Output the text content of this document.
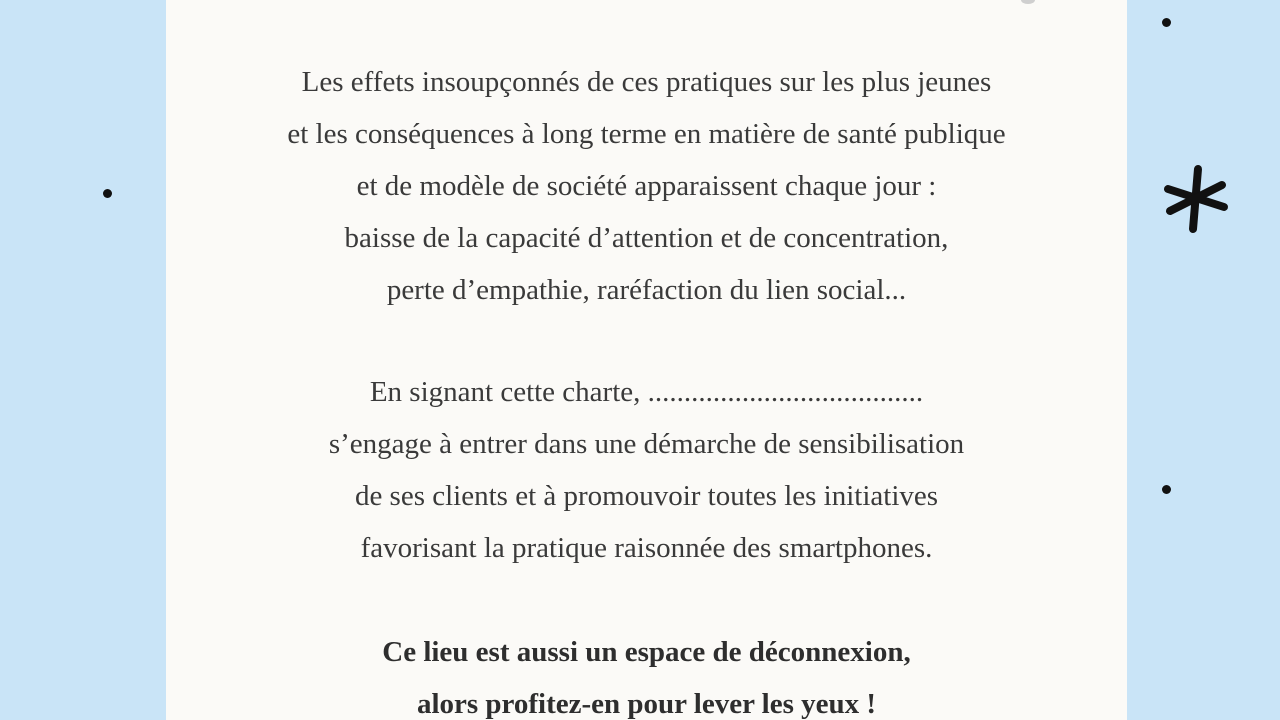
Les effets insoupçonnés de ces pratiques sur les plus jeunes
et les conséquences à long terme en matière de santé publique
et de modèle de société apparaissent chaque jour :
baisse de la capacité d’attention et de concentration,
perte d’empathie, raréfaction du lien social...
En signant cette charte, ......................................
s’engage à entrer dans une démarche de sensibilisation
de ses clients et à promouvoir toutes les initiatives
favorisant la pratique raisonnée des smartphones.
Ce lieu est aussi un espace de déconnexion,
alors profitez-en pour lever les yeux !
